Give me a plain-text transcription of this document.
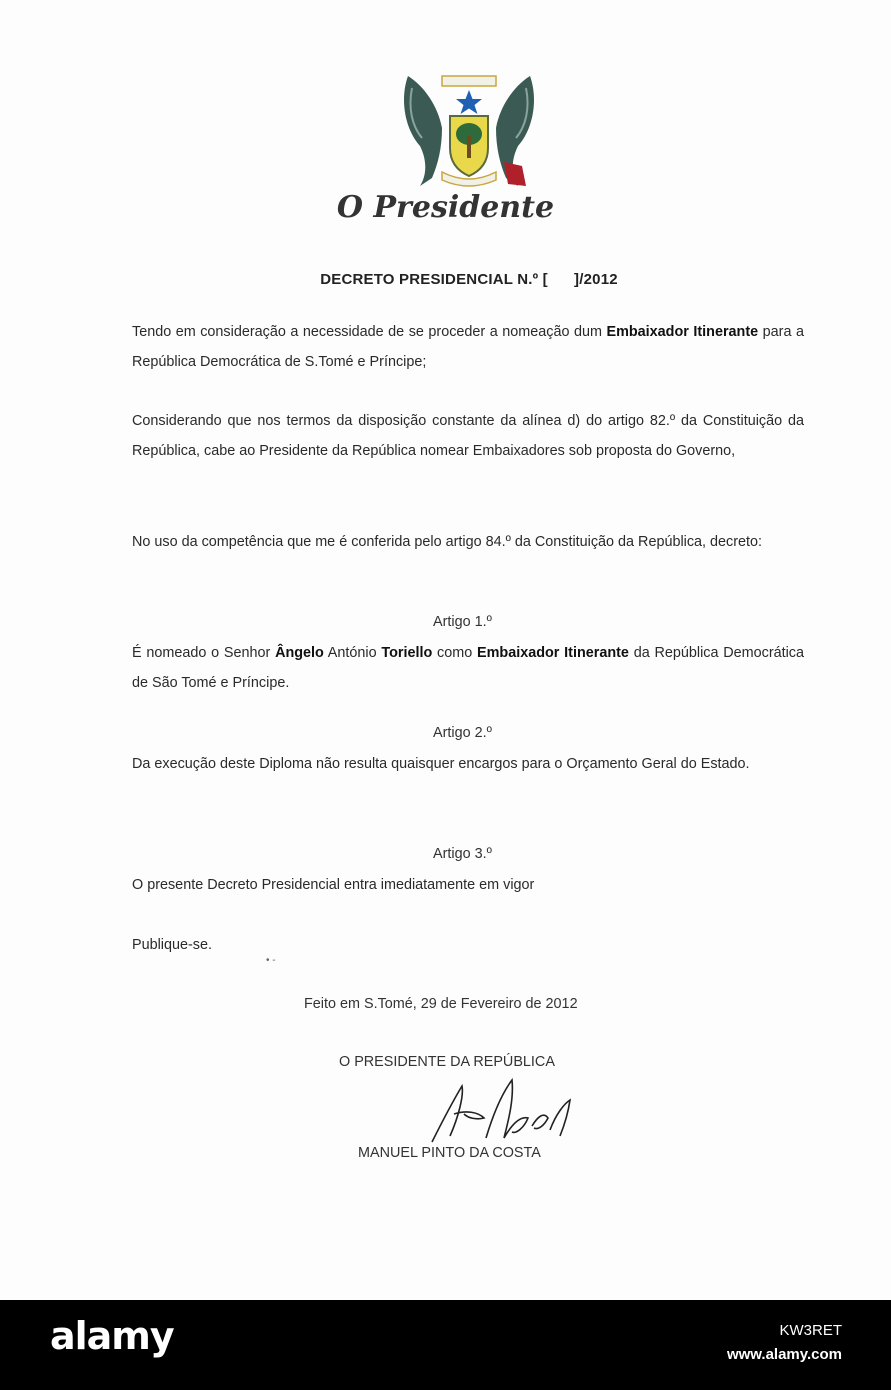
O Presidente
DECRETO PRESIDENCIAL N.º [      ]/2012
Tendo em consideração a necessidade de se proceder a nomeação dum Embaixador Itinerante para a República Democrática de S.Tomé e Príncipe;
Considerando que nos termos da disposição constante da alínea d) do artigo 82.º da Constituição da República, cabe ao Presidente da República nomear Embaixadores sob proposta do Governo,
No uso da competência que me é conferida pelo artigo 84.º da Constituição da República, decreto:
Artigo 1.º
É nomeado o Senhor Ângelo António Toriello como Embaixador Itinerante da República Democrática de São Tomé e Príncipe.
Artigo 2.º
Da execução deste Diploma não resulta quaisquer encargos para o Orçamento Geral do Estado.
Artigo 3.º
O presente Decreto Presidencial entra imediatamente em vigor
Publique-se.
• -
Feito em S.Tomé, 29 de Fevereiro de 2012
O PRESIDENTE DA REPÚBLICA
MANUEL PINTO DA COSTA
alamy	KW3RET
www.alamy.com
